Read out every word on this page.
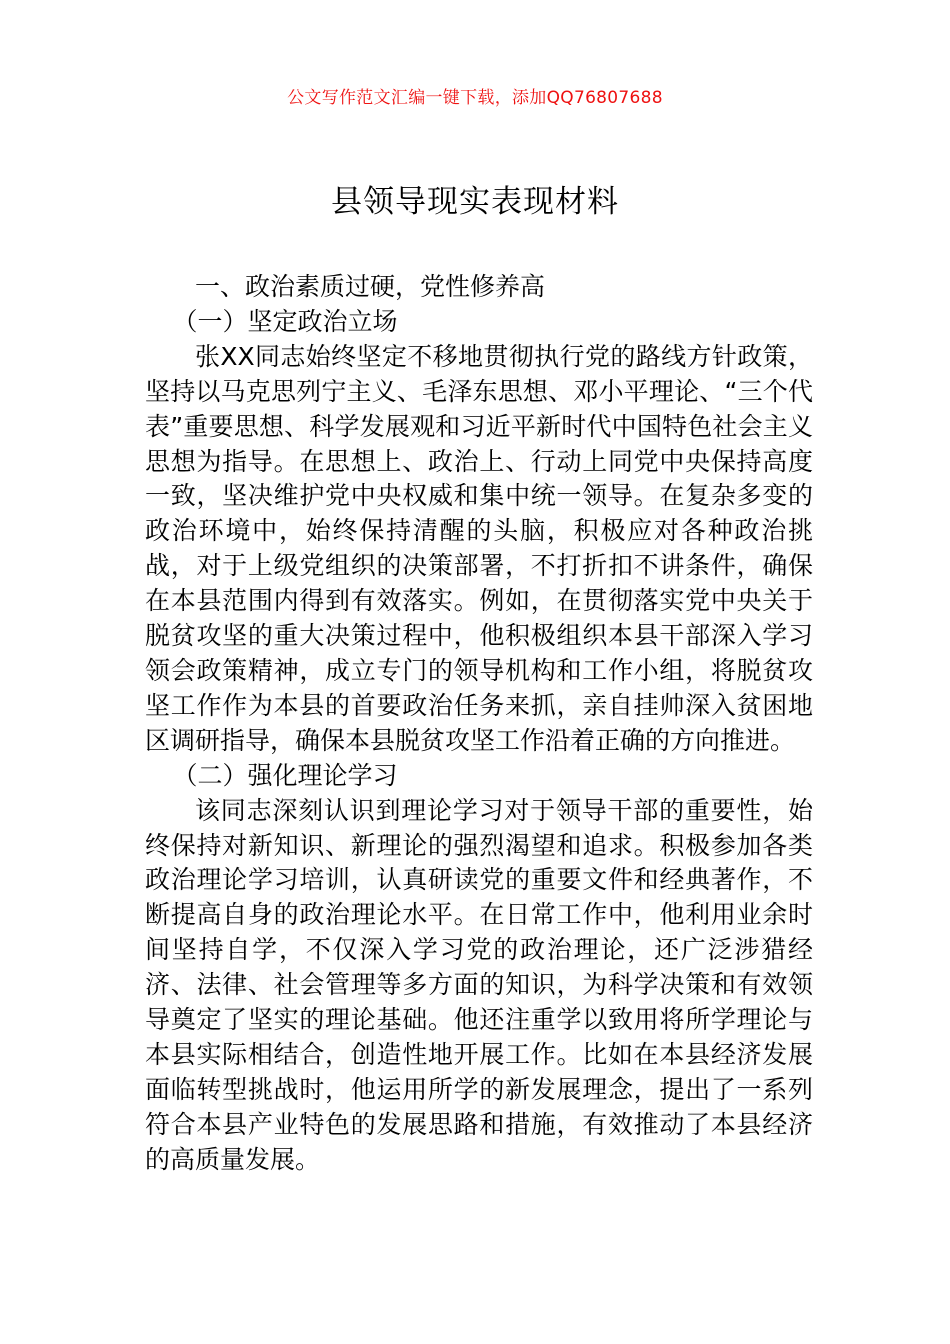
公文写作范文汇编一键下载，添加QQ76807688
县领导现实表现材料

一、政治素质过硬，党性修养高

（一）坚定政治立场

张XX同志始终坚定不移地贯彻执行党的路线方针政策，坚持以马克思列宁主义、毛泽东思想、邓小平理论、“三个代表”重要思想、科学发展观和习近平新时代中国特色社会主义思想为指导。在思想上、政治上、行动上同党中央保持高度一致，坚决维护党中央权威和集中统一领导。在复杂多变的政治环境中，始终保持清醒的头脑，积极应对各种政治挑战，对于上级党组织的决策部署，不打折扣不讲条件，确保在本县范围内得到有效落实。例如，在贯彻落实党中央关于脱贫攻坚的重大决策过程中，他积极组织本县干部深入学习领会政策精神，成立专门的领导机构和工作小组，将脱贫攻坚工作作为本县的首要政治任务来抓，亲自挂帅深入贫困地区调研指导，确保本县脱贫攻坚工作沿着正确的方向推进。

（二）强化理论学习

该同志深刻认识到理论学习对于领导干部的重要性，始终保持对新知识、新理论的强烈渴望和追求。积极参加各类政治理论学习培训，认真研读党的重要文件和经典著作，不断提高自身的政治理论水平。在日常工作中，他利用业余时间坚持自学，不仅深入学习党的政治理论，还广泛涉猎经济、法律、社会管理等多方面的知识，为科学决策和有效领导奠定了坚实的理论基础。他还注重学以致用将所学理论与本县实际相结合，创造性地开展工作。比如在本县经济发展面临转型挑战时，他运用所学的新发展理念，提出了一系列符合本县产业特色的发展思路和措施，有效推动了本县经济的高质量发展。
